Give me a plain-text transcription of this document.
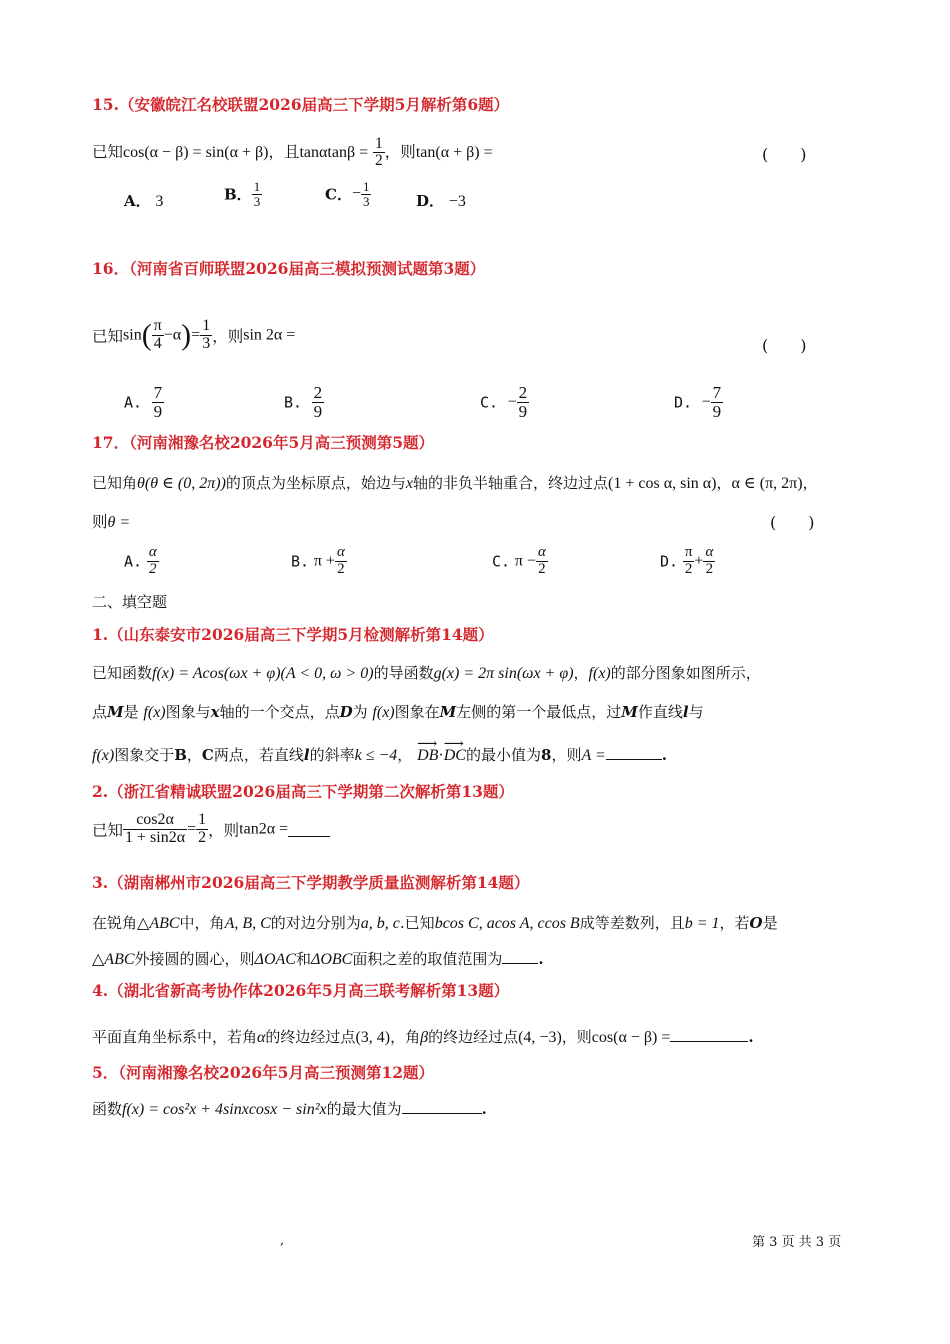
15.（安徽皖江名校联盟2026届高三下学期5月解析第6题）
已知cos(α − β) = sin(α + β)，且$\tan\alpha\tan\beta = \frac{1}{2}$ ，则tan(α + β) =	(　　)
A． 3	B． $\frac{1}{3}$	C．− $\frac{1}{3}$	D． −3
16．（河南省百师联盟2026届高三模拟预测试题第3题）
已知$\sin( \frac{\pi}{4} -\alpha)= \frac{1}{3}$ ，则sin 2α =
(　　)
A. $\frac{7}{9}$	B. $\frac{2}{9}$	C. − $\frac{2}{9}$	D. − $\frac{7}{9}$
17．（河南湘豫名校2026年5月高三预测第5题）
已知角θ(θ ∈ (0, 2π))的顶点为坐标原点，始边与x轴的非负半轴重合，终边过点(1 + cos α, sin α)，α ∈ (π, 2π)，
则θ =	(　　)
A. $\frac{\alpha}{2}$	B. $\pi + \frac{\alpha}{2}$	C. $\pi - \frac{\alpha}{2}$	D. $\frac{\pi}{2} + \frac{\alpha}{2}$
二、填空题
1.（山东泰安市2026届高三下学期5月检测解析第14题）
已知函数f(x) = Acos(ωx + φ)(A < 0, ω > 0)的导函数g(x) = 2π sin(ωx + φ)，f(x)的部分图象如图所示，
点M是 f(x)图象与x轴的一个交点，点D为 f(x)图象在M左侧的第一个最低点，过M作直线l与
f(x)图象交于B，C两点，若直线l的斜率k ≤ −4， ⟶ DB·⟶ DC的最小值为8，则A =	.
2.（浙江省精诚联盟2026届高三下学期第二次解析第13题）
已知 $\frac{\cos 2\alpha}{1 + \sin 2\alpha} = \frac{1}{2}$ ，则tan2α =
3.（湖南郴州市2026届高三下学期教学质量监测解析第14题）
在锐角△ABC中，角A, B, C的对边分别为a, b, c.已知bcos C, acos A, ccos B成等差数列，且b = 1，若O是
△ABC外接圆的圆心，则ΔOAC和ΔOBC面积之差的取值范围为 .
4.（湖北省新高考协作体2026年5月高三联考解析第13题）
平面直角坐标系中，若角α的终边经过点(3, 4)，角β的终边经过点(4, −3)，则cos(α − β) =	.
5．（河南湘豫名校2026年5月高三预测第12题）
函数f(x) = cos²x + 4sinxcosx − sin²x的最大值为	.
,	第 3 页 共 3 页
